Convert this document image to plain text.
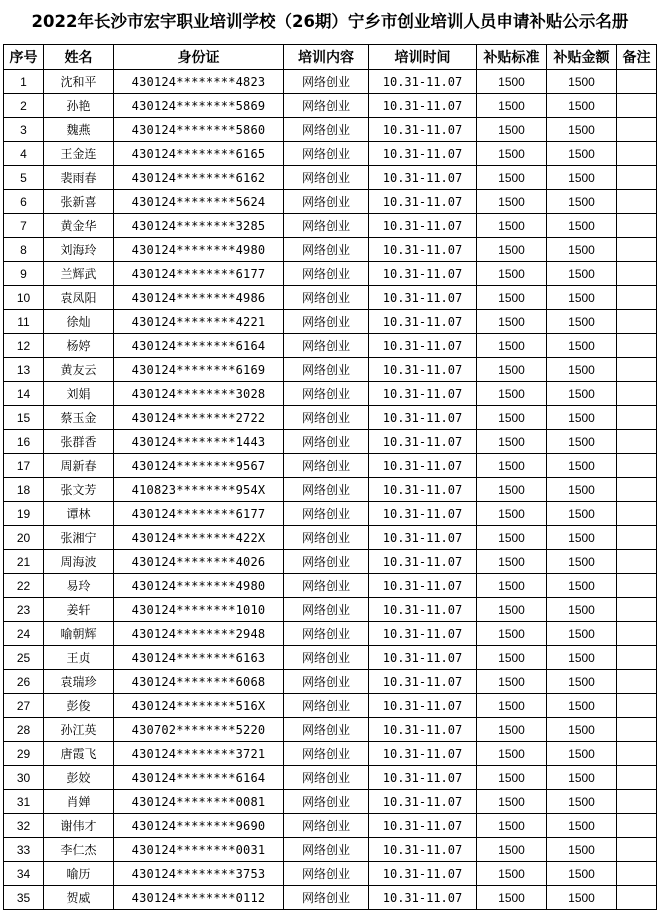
2022年长沙市宏宇职业培训学校（26期）宁乡市创业培训人员申请补贴公示名册
序号	姓名	身份证	培训内容	培训时间	补贴标准	补贴金额	备注
1	沈和平	430124********4823	网络创业	10.31-11.07	1500	1500	
2	孙艳	430124********5869	网络创业	10.31-11.07	1500	1500	
3	魏燕	430124********5860	网络创业	10.31-11.07	1500	1500	
4	王金连	430124********6165	网络创业	10.31-11.07	1500	1500	
5	裴雨春	430124********6162	网络创业	10.31-11.07	1500	1500	
6	张新喜	430124********5624	网络创业	10.31-11.07	1500	1500	
7	黄金华	430124********3285	网络创业	10.31-11.07	1500	1500	
8	刘海玲	430124********4980	网络创业	10.31-11.07	1500	1500	
9	兰辉武	430124********6177	网络创业	10.31-11.07	1500	1500	
10	袁凤阳	430124********4986	网络创业	10.31-11.07	1500	1500	
11	徐灿	430124********4221	网络创业	10.31-11.07	1500	1500	
12	杨婷	430124********6164	网络创业	10.31-11.07	1500	1500	
13	黄友云	430124********6169	网络创业	10.31-11.07	1500	1500	
14	刘娟	430124********3028	网络创业	10.31-11.07	1500	1500	
15	蔡玉金	430124********2722	网络创业	10.31-11.07	1500	1500	
16	张群香	430124********1443	网络创业	10.31-11.07	1500	1500	
17	周新春	430124********9567	网络创业	10.31-11.07	1500	1500	
18	张文芳	410823********954X	网络创业	10.31-11.07	1500	1500	
19	谭林	430124********6177	网络创业	10.31-11.07	1500	1500	
20	张湘宁	430124********422X	网络创业	10.31-11.07	1500	1500	
21	周海波	430124********4026	网络创业	10.31-11.07	1500	1500	
22	易玲	430124********4980	网络创业	10.31-11.07	1500	1500	
23	姜轩	430124********1010	网络创业	10.31-11.07	1500	1500	
24	喻朝辉	430124********2948	网络创业	10.31-11.07	1500	1500	
25	王贞	430124********6163	网络创业	10.31-11.07	1500	1500	
26	袁瑞珍	430124********6068	网络创业	10.31-11.07	1500	1500	
27	彭俊	430124********516X	网络创业	10.31-11.07	1500	1500	
28	孙江英	430702********5220	网络创业	10.31-11.07	1500	1500	
29	唐霞飞	430124********3721	网络创业	10.31-11.07	1500	1500	
30	彭姣	430124********6164	网络创业	10.31-11.07	1500	1500	
31	肖婵	430124********0081	网络创业	10.31-11.07	1500	1500	
32	谢伟才	430124********9690	网络创业	10.31-11.07	1500	1500	
33	李仁杰	430124********0031	网络创业	10.31-11.07	1500	1500	
34	喻历	430124********3753	网络创业	10.31-11.07	1500	1500	
35	贺威	430124********0112	网络创业	10.31-11.07	1500	1500	
